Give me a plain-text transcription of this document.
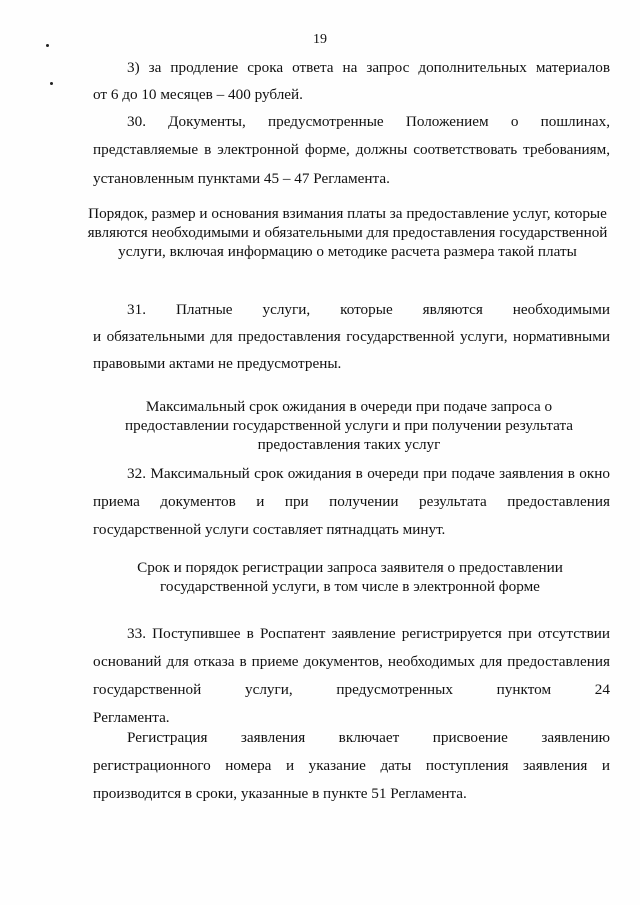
19

3) за продление срока ответа на запрос дополнительных материалов

от 6 до 10 месяцев – 400 рублей.

30. Документы, предусмотренные Положением о пошлинах,

представляемые в электронной форме, должны соответствовать требованиям, установленным пунктами 45 – 47 Регламента.

Порядок, размер и основания взимания платы за предоставление услуг, которые являются необходимыми и обязательными для предоставления государственной услуги, включая информацию о методике расчета размера такой платы

31. Платные услуги, которые являются необходимыми

и обязательными для предоставления государственной услуги, нормативными правовыми актами не предусмотрены.

Максимальный срок ожидания в очереди при подаче запроса о предоставлении государственной услуги и при получении результата предоставления таких услуг

32. Максимальный срок ожидания в очереди при подаче заявления в окно приема документов и при получении результата предоставления государственной услуги составляет пятнадцать минут.

Срок и порядок регистрации запроса заявителя о предоставлении государственной услуги, в том числе в электронной форме

33. Поступившее в Роспатент заявление регистрируется при отсутствии

оснований для отказа в приеме документов, необходимых для предоставления

государственной услуги, предусмотренных пунктом 24

Регламента.

Регистрация заявления включает присвоение заявлению регистрационного номера и указание даты поступления заявления и производится в сроки, указанные в пункте 51 Регламента.
